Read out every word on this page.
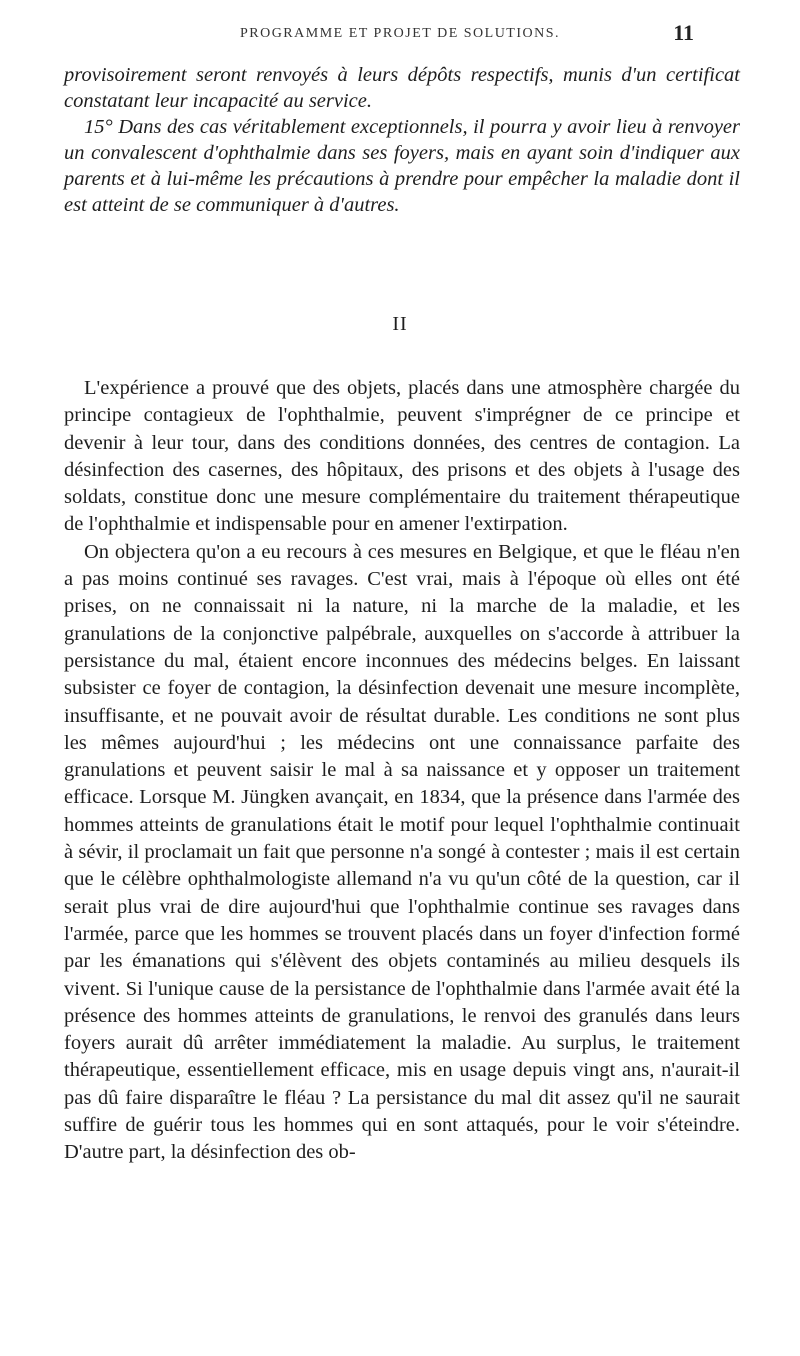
PROGRAMME ET PROJET DE SOLUTIONS.	11

provisoirement seront renvoyés à leurs dépôts respectifs, munis d'un certificat constatant leur incapacité au service.

15° Dans des cas véritablement exceptionnels, il pourra y avoir lieu à renvoyer un convalescent d'ophthalmie dans ses foyers, mais en ayant soin d'indiquer aux parents et à lui-même les précautions à prendre pour empêcher la maladie dont il est atteint de se communiquer à d'autres.

II

L'expérience a prouvé que des objets, placés dans une atmosphère chargée du principe contagieux de l'ophthalmie, peuvent s'imprégner de ce principe et devenir à leur tour, dans des conditions données, des centres de contagion. La désinfection des casernes, des hôpitaux, des prisons et des objets à l'usage des soldats, constitue donc une mesure complémentaire du traitement thérapeutique de l'ophthalmie et indispensable pour en amener l'extirpation.

On objectera qu'on a eu recours à ces mesures en Belgique, et que le fléau n'en a pas moins continué ses ravages. C'est vrai, mais à l'époque où elles ont été prises, on ne connaissait ni la nature, ni la marche de la maladie, et les granulations de la conjonctive palpébrale, auxquelles on s'accorde à attribuer la persistance du mal, étaient encore inconnues des médecins belges. En laissant subsister ce foyer de contagion, la désinfection devenait une mesure incomplète, insuffisante, et ne pouvait avoir de résultat durable. Les conditions ne sont plus les mêmes aujourd'hui ; les médecins ont une connaissance parfaite des granulations et peuvent saisir le mal à sa naissance et y opposer un traitement efficace. Lorsque M. Jüngken avançait, en 1834, que la présence dans l'armée des hommes atteints de granulations était le motif pour lequel l'ophthalmie continuait à sévir, il proclamait un fait que personne n'a songé à contester ; mais il est certain que le célèbre ophthalmologiste allemand n'a vu qu'un côté de la question, car il serait plus vrai de dire aujourd'hui que l'ophthalmie continue ses ravages dans l'armée, parce que les hommes se trouvent placés dans un foyer d'infection formé par les émanations qui s'élèvent des objets contaminés au milieu desquels ils vivent. Si l'unique cause de la persistance de l'ophthalmie dans l'armée avait été la présence des hommes atteints de granulations, le renvoi des granulés dans leurs foyers aurait dû arrêter immédiatement la maladie. Au surplus, le traitement thérapeutique, essentiellement efficace, mis en usage depuis vingt ans, n'aurait-il pas dû faire disparaître le fléau ? La persistance du mal dit assez qu'il ne saurait suffire de guérir tous les hommes qui en sont attaqués, pour le voir s'éteindre. D'autre part, la désinfection des ob-
